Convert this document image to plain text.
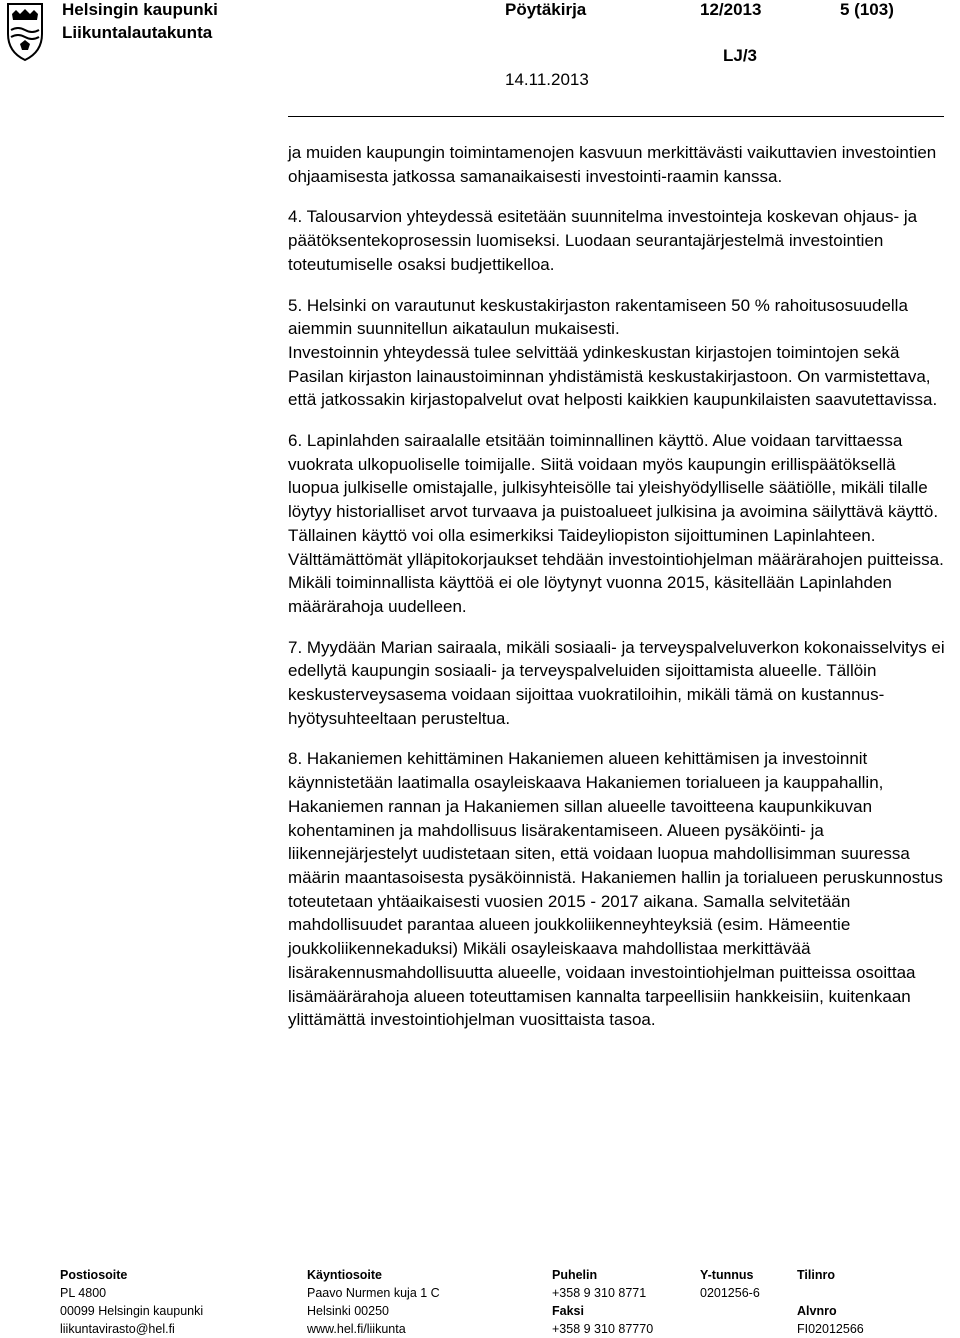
Helsingin kaupunki
Liikuntalautakunta
Pöytäkirja	12/2013	5 (103)
LJ/3
14.11.2013

ja muiden kaupungin toimintamenojen kasvuun merkittävästi vaikuttavien investointien ohjaamisesta jatkossa samanaikaisesti investointi-raamin kanssa.

4. Talousarvion yhteydessä esitetään suunnitelma investointeja koskevan ohjaus- ja päätöksentekoprosessin luomiseksi. Luodaan seurantajärjestelmä investointien toteutumiselle osaksi budjettikelloa.

5. Helsinki on varautunut keskustakirjaston rakentamiseen 50 % rahoitusosuudella aiemmin suunnitellun aikataulun mukaisesti.

Investoinnin yhteydessä tulee selvittää ydinkeskustan kirjastojen toimintojen sekä Pasilan kirjaston lainaustoiminnan yhdistämistä keskustakirjastoon. On varmistettava, että jatkossakin kirjastopalvelut ovat helposti kaikkien kaupunkilaisten saavutettavissa.

6. Lapinlahden sairaalalle etsitään toiminnallinen käyttö. Alue voidaan tarvittaessa vuokrata ulkopuoliselle toimijalle. Siitä voidaan myös kaupungin erillispäätöksellä luopua julkiselle omistajalle, julkisyhteisölle tai yleishyödylliselle säätiölle, mikäli tilalle löytyy historialliset arvot turvaava ja puistoalueet julkisina ja avoimina säilyttävä käyttö. Tällainen käyttö voi olla esimerkiksi Taideyliopiston sijoittuminen Lapinlahteen. Välttämättömät ylläpitokorjaukset tehdään investointiohjelman määrärahojen puitteissa. Mikäli toiminnallista käyttöä ei ole löytynyt vuonna 2015, käsitellään Lapinlahden määrärahoja uudelleen.

7. Myydään Marian sairaala, mikäli sosiaali- ja terveyspalveluverkon kokonaisselvitys ei edellytä kaupungin sosiaali- ja terveyspalveluiden sijoittamista alueelle. Tällöin keskusterveysasema voidaan sijoittaa vuokratiloihin, mikäli tämä on kustannus-hyötysuhteeltaan perusteltua.

8. Hakaniemen kehittäminen Hakaniemen alueen kehittämisen ja investoinnit käynnistetään laatimalla osayleiskaava Hakaniemen torialueen ja kauppahallin, Hakaniemen rannan ja Hakaniemen sillan alueelle tavoitteena kaupunkikuvan kohentaminen ja mahdollisuus lisärakentamiseen. Alueen pysäköinti- ja liikennejärjestelyt uudistetaan siten, että voidaan luopua mahdollisimman suuressa määrin maantasoisesta pysäköinnistä. Hakaniemen hallin ja torialueen peruskunnostus toteutetaan yhtäaikaisesti vuosien 2015 - 2017 aikana. Samalla selvitetään mahdollisuudet parantaa alueen joukkoliikenneyhteyksiä (esim. Hämeentie joukkoliikennekaduksi) Mikäli osayleiskaava mahdollistaa merkittävää lisärakennusmahdollisuutta alueelle, voidaan investointiohjelman puitteissa osoittaa lisämäärärahoja alueen toteuttamisen kannalta tarpeellisiin hankkeisiin, kuitenkaan ylittämättä investointiohjelman vuosittaista tasoa.

Postiosoite
PL 4800
00099 Helsingin kaupunki
liikuntavirasto@hel.fi
Käyntiosoite
Paavo Nurmen kuja 1 C
Helsinki 00250
www.hel.fi/liikunta
Puhelin
+358 9 310 8771
Faksi
+358 9 310 87770
Y-tunnus
0201256-6
Tilinro

Alvnro
FI02012566
